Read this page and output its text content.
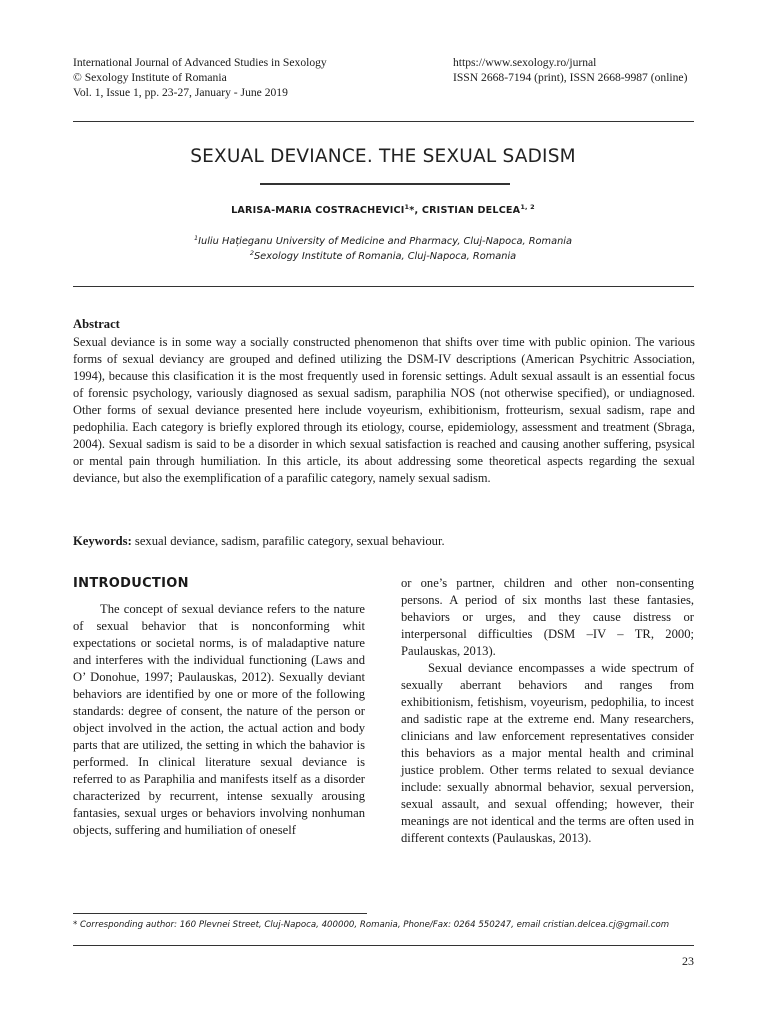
International Journal of Advanced Studies in Sexology
© Sexology Institute of Romania
Vol. 1, Issue 1, pp. 23-27, January - June 2019
https://www.sexology.ro/jurnal
ISSN 2668-7194 (print), ISSN 2668-9987 (online)
SEXUAL DEVIANCE. THE SEXUAL SADISM
LARISA-MARIA COSTRACHEVICI$^1$*, CRISTIAN DELCEA$^{1, 2}$
$^1$Iuliu Hațieganu University of Medicine and Pharmacy, Cluj-Napoca, Romania
$^2$Sexology Institute of Romania, Cluj-Napoca, Romania
Abstract
Sexual deviance is in some way a socially constructed phenomenon that shifts over time with public opinion. The various forms of sexual deviancy are grouped and defined utilizing the DSM-IV descriptions (American Psychitric Association, 1994), because this clasification it is the most frequently used in forensic settings. Adult sexual assault is an essential focus of forensic psychology, variously diagnosed as sexual sadism, paraphilia NOS (not otherwise specified), or undiagnosed. Other forms of sexual deviance presented here include voyeurism, exhibitionism, frotteurism, sexual sadism, rape and pedophilia. Each category is briefly explored through its etiology, course, epidemiology, assessment and treatment (Sbraga, 2004). Sexual sadism is said to be a disorder in which sexual satisfaction is reached and causing another suffering, psysical or mental pain through humiliation. In this article, its about addressing some theoretical aspects regarding the sexual deviance, but also the exemplification of a parafilic category, namely sexual sadism.
Keywords: sexual deviance, sadism, parafilic category, sexual behaviour.
INTRODUCTION
The concept of sexual deviance refers to the nature of sexual behavior that is nonconforming whit expectations or societal norms, is of maladaptive nature and interferes with the individual functioning (Laws and O’ Donohue, 1997; Paulauskas, 2012). Sexually deviant behaviors are identified by one or more of the following standards: degree of consent, the nature of the person or object involved in the action, the actual action and body parts that are utilized, the setting in which the bahavior is performed. In clinical literature sexual deviance is referred to as Paraphilia and manifests itself as a disorder characterized by recurrent, intense sexually arousing fantasies, sexual urges or behaviors involving nonhuman objects, suffering and humiliation of oneself

or one’s partner, children and other non-consenting persons. A period of six months last these fantasies, behaviors or urges, and they cause distress or interpersonal difficulties (DSM –IV – TR, 2000; Paulauskas, 2013).

Sexual deviance encompasses a wide spectrum of sexually aberrant behaviors and ranges from exhibitionism, fetishism, voyeurism, pedophilia, to incest and sadistic rape at the extreme end. Many researchers, clinicians and law enforcement representatives consider this behaviors as a major mental health and criminal justice problem. Other terms related to sexual deviance include: sexually abnormal behavior, sexual perversion, sexual assault, and sexual offending; however, their meanings are not identical and the terms are often used in different contexts (Paulauskas, 2013).

* Corresponding author: 160 Plevnei Street, Cluj-Napoca, 400000, Romania, Phone/Fax: 0264 550247, email cristian.delcea.cj@gmail.com
23
